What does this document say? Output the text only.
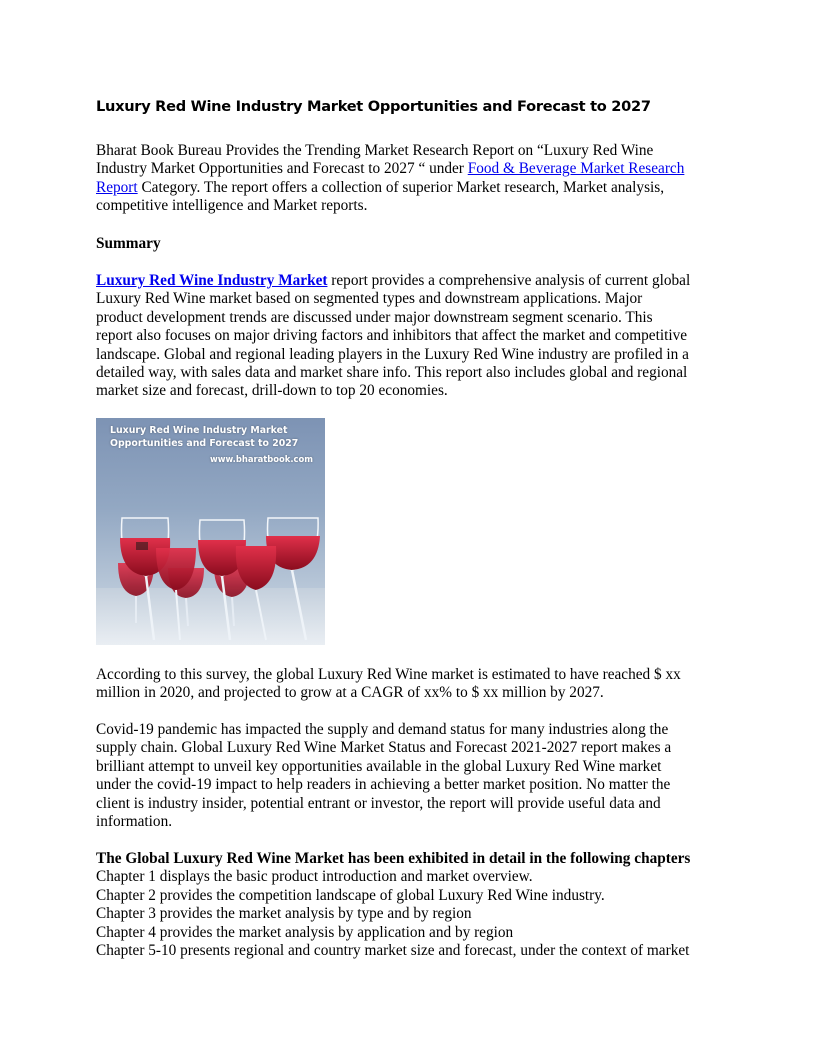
Luxury Red Wine Industry Market Opportunities and Forecast to 2027
Bharat Book Bureau Provides the Trending Market Research Report on “Luxury Red Wine
Industry Market Opportunities and Forecast to 2027 “ under Food & Beverage Market Research
Report Category. The report offers a collection of superior Market research, Market analysis,
competitive intelligence and Market reports.
Summary
Luxury Red Wine Industry Market report provides a comprehensive analysis of current global
Luxury Red Wine market based on segmented types and downstream applications. Major
product development trends are discussed under major downstream segment scenario. This
report also focuses on major driving factors and inhibitors that affect the market and competitive
landscape. Global and regional leading players in the Luxury Red Wine industry are profiled in a
detailed way, with sales data and market share info. This report also includes global and regional
market size and forecast, drill-down to top 20 economies.
Luxury Red Wine Industry Market
Opportunities and Forecast to 2027
www.bharatbook.com
According to this survey, the global Luxury Red Wine market is estimated to have reached $ xx
million in 2020, and projected to grow at a CAGR of xx% to $ xx million by 2027.
Covid-19 pandemic has impacted the supply and demand status for many industries along the
supply chain. Global Luxury Red Wine Market Status and Forecast 2021-2027 report makes a
brilliant attempt to unveil key opportunities available in the global Luxury Red Wine market
under the covid-19 impact to help readers in achieving a better market position. No matter the
client is industry insider, potential entrant or investor, the report will provide useful data and
information.
The Global Luxury Red Wine Market has been exhibited in detail in the following chapters
Chapter 1 displays the basic product introduction and market overview.
Chapter 2 provides the competition landscape of global Luxury Red Wine industry.
Chapter 3 provides the market analysis by type and by region
Chapter 4 provides the market analysis by application and by region
Chapter 5-10 presents regional and country market size and forecast, under the context of market
